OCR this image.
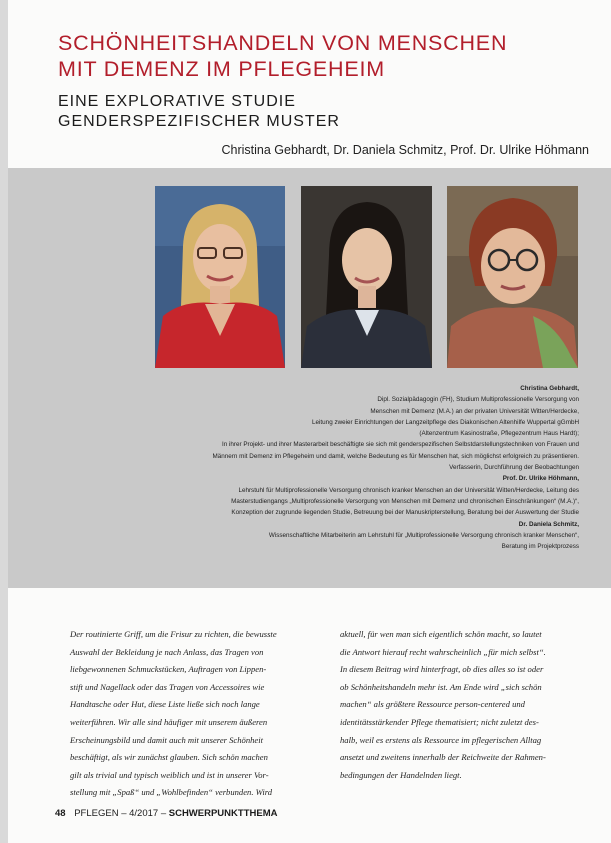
SCHÖNHEITSHANDELN VON MENSCHEN
MIT DEMENZ IM PFLEGEHEIM
EINE EXPLORATIVE STUDIE
GENDERSPEZIFISCHER MUSTER
Christina Gebhardt, Dr. Daniela Schmitz, Prof. Dr. Ulrike Höhmann
Christina Gebhardt,
Dipl. Sozialpädagogin (FH), Studium Multiprofessionelle Versorgung von
Menschen mit Demenz (M.A.) an der privaten Universität Witten/Herdecke,
Leitung zweier Einrichtungen der Langzeitpflege des Diakonischen Altenhilfe Wuppertal gGmbH
(Altenzentrum Kasinostraße, Pflegezentrum Haus Hardt);
In ihrer Projekt- und ihrer Masterarbeit beschäftigte sie sich mit genderspezifischen Selbstdarstellungstechniken von Frauen und
Männern mit Demenz im Pflegeheim und damit, welche Bedeutung es für Menschen hat, sich möglichst erfolgreich zu präsentieren.
Verfasserin, Durchführung der Beobachtungen
Prof. Dr. Ulrike Höhmann,
Lehrstuhl für Multiprofessionelle Versorgung chronisch kranker Menschen an der Universität Witten/Herdecke, Leitung des
Masterstudiengangs „Multiprofessionelle Versorgung von Menschen mit Demenz und chronischen Einschränkungen“ (M.A.)“,
Konzeption der zugrunde liegenden Studie, Betreuung bei der Manuskripterstellung, Beratung bei der Auswertung der Studie
Dr. Daniela Schmitz,
Wissenschaftliche Mitarbeiterin am Lehrstuhl für „Multiprofessionelle Versorgung chronisch kranker Menschen“,
Beratung im Projektprozess
Der routinierte Griff, um die Frisur zu richten, die bewusste
Auswahl der Bekleidung je nach Anlass, das Tragen von
liebgewonnenen Schmuckstücken, Auftragen von Lippen-
stift und Nagellack oder das Tragen von Accessoires wie
Handtasche oder Hut, diese Liste ließe sich noch lange
weiterführen. Wir alle sind häufiger mit unserem äußeren
Erscheinungsbild und damit auch mit unserer Schönheit
beschäftigt, als wir zunächst glauben. Sich schön machen
gilt als trivial und typisch weiblich und ist in unserer Vor-
stellung mit „Spaß“ und „Wohlbefinden“ verbunden. Wird
aktuell, für wen man sich eigentlich schön macht, so lautet
die Antwort hierauf recht wahrscheinlich „für mich selbst“.
In diesem Beitrag wird hinterfragt, ob dies alles so ist oder
ob Schönheitshandeln mehr ist. Am Ende wird „sich schön
machen“ als größtere Ressource person-centered und
identitätsstärkender Pflege thematisiert; nicht zuletzt des-
halb, weil es erstens als Ressource im pflegerischen Alltag
ansetzt und zweitens innerhalb der Reichweite der Rahmen-
bedingungen der Handelnden liegt.
48 PFLEGEN – 4/2017 – SCHWERPUNKTTHEMA
